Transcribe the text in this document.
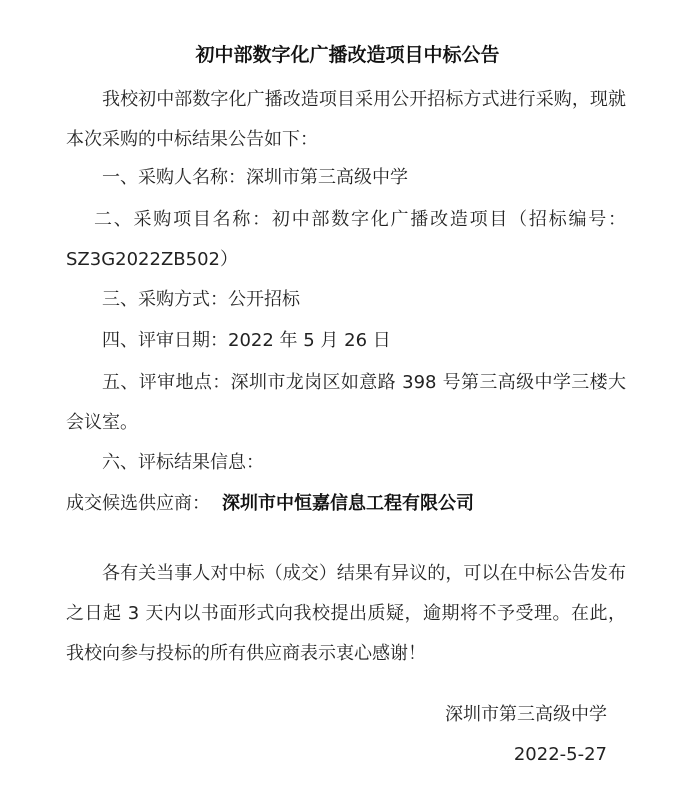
初中部数字化广播改造项目中标公告

我校初中部数字化广播改造项目采用公开招标方式进行采购，现就本次采购的中标结果公告如下：

一、采购人名称：深圳市第三高级中学

二、采购项目名称：初中部数字化广播改造项目（招标编号：SZ3G2022ZB502）

三、采购方式：公开招标
四、评审日期：2022 年 5 月 26 日

五、评审地点：深圳市龙岗区如意路 398 号第三高级中学三楼大会议室。

六、评标结果信息：
成交候选供应商： 深圳市中恒嘉信息工程有限公司

各有关当事人对中标（成交）结果有异议的，可以在中标公告发布之日起 3 天内以书面形式向我校提出质疑，逾期将不予受理。在此，我校向参与投标的所有供应商表示衷心感谢！

深圳市第三高级中学
2022-5-27
